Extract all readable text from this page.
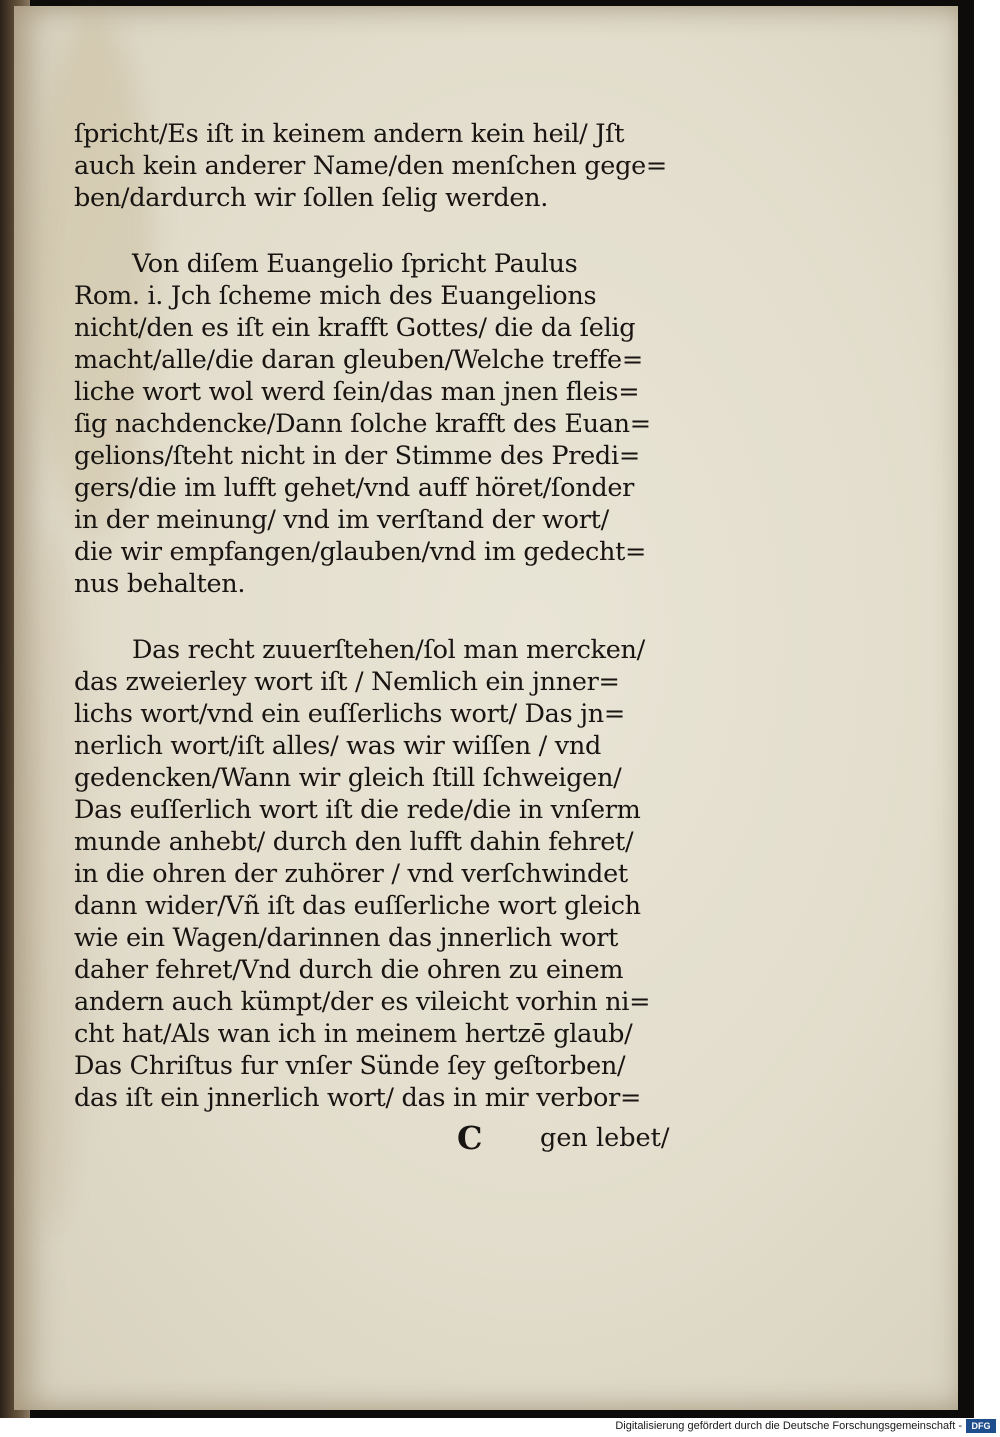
ſpricht/Es iſt in keinem andern kein heil/ Jſt
auch kein anderer Name/den menſchen gege=
ben/dardurch wir ſollen ſelig werden.
Von diſem Euangelio ſpricht Paulus
Rom. i. Jch ſcheme mich des Euangelions
nicht/den es iſt ein krafft Gottes/ die da ſelig
macht/alle/die daran gleuben/Welche treffe=
liche wort wol werd ſein/das man jnen fleis=
ſig nachdencke/Dann ſolche krafft des Euan=
gelions/ſteht nicht in der Stimme des Predi=
gers/die im lufft gehet/vnd auff höret/ſonder
in der meinung/ vnd im verſtand der wort/
die wir empfangen/glauben/vnd im gedecht=
nus behalten.
Das recht zuuerſtehen/ſol man mercken/
das zweierley wort iſt / Nemlich ein jnner=
lichs wort/vnd ein euſſerlichs wort/ Das jn=
nerlich wort/iſt alles/ was wir wiſſen / vnd
gedencken/Wann wir gleich ſtill ſchweigen/
Das euſſerlich wort iſt die rede/die in vnſerm
munde anhebt/ durch den lufft dahin fehret/
in die ohren der zuhörer / vnd verſchwindet
dann wider/Vñ iſt das euſſerliche wort gleich
wie ein Wagen/darinnen das jnnerlich wort
daher fehret/Vnd durch die ohren zu einem
andern auch kümpt/der es vileicht vorhin ni=
cht hat/Als wan ich in meinem hertzē glaub/
Das Chriſtus fur vnſer Sünde ſey geſtorben/
das iſt ein jnnerlich wort/ das in mir verbor=
C gen lebet/
Digitalisierung gefördert durch die Deutsche Forschungsgemeinschaft -	DFG
